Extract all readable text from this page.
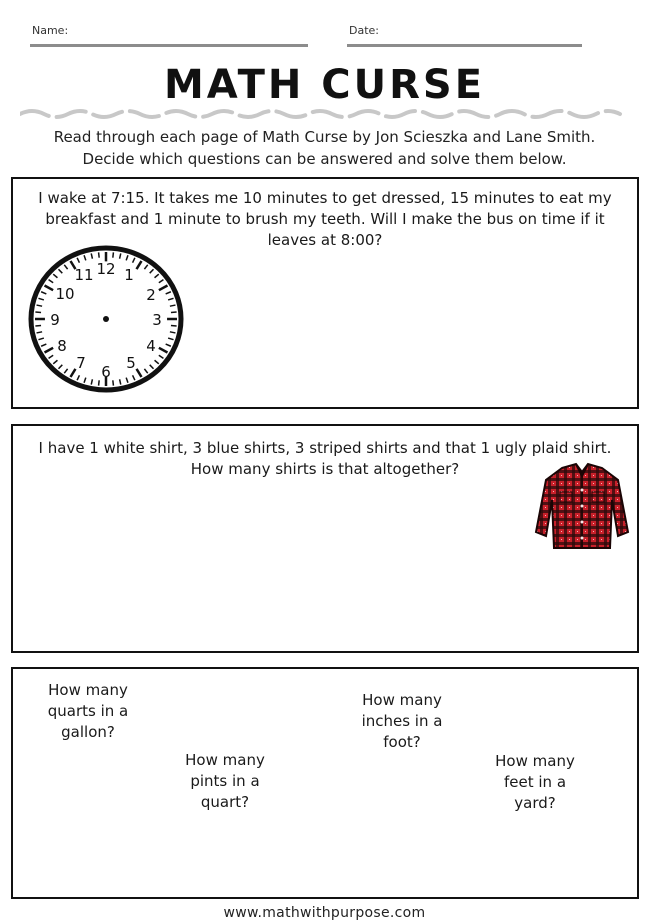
Name:	Date:
MATH CURSE
Read through each page of Math Curse by Jon Scieszka and Lane Smith.
Decide which questions can be answered and solve them below.
I wake at 7:15. It takes me 10 minutes to get dressed, 15 minutes to eat my
breakfast and 1 minute to brush my teeth. Will I make the bus on time if it
leaves at 8:00?
12 1
2
3
4
5
6
7
8
9
10
11
I have 1 white shirt, 3 blue shirts, 3 striped shirts and that 1 ugly plaid shirt.
How many shirts is that altogether?
How many
quarts in a
gallon?
How many
pints in a
quart?
How many
inches in a
foot?
How many
feet in a
yard?
www.mathwithpurpose.com
